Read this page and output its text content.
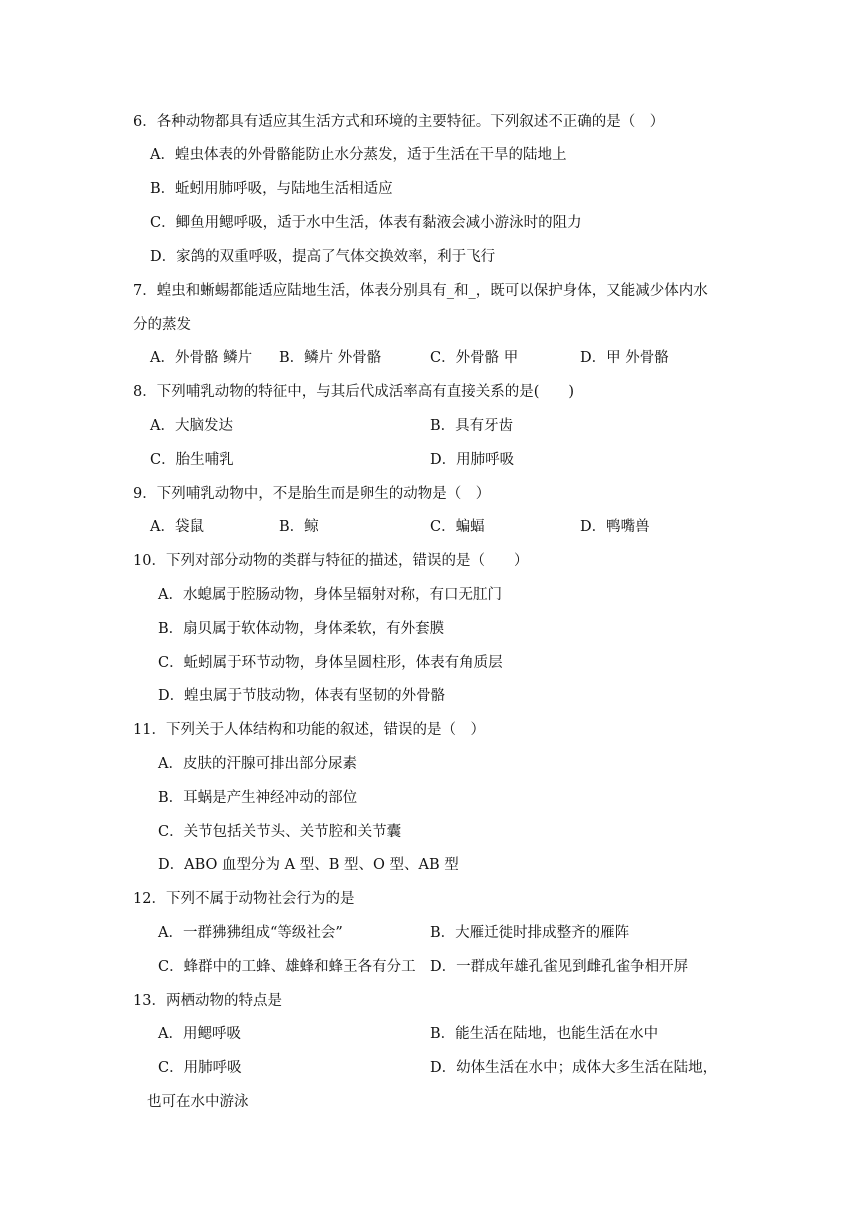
6．各种动物都具有适应其生活方式和环境的主要特征。下列叙述不正确的是（　）
A．蝗虫体表的外骨骼能防止水分蒸发，适于生活在干旱的陆地上
B．蚯蚓用肺呼吸，与陆地生活相适应
C．鲫鱼用鳃呼吸，适于水中生活，体表有黏液会减小游泳时的阻力
D．家鸽的双重呼吸，提高了气体交换效率，利于飞行
7．蝗虫和蜥蜴都能适应陆地生活，体表分别具有_和_，既可以保护身体，又能减少体内水
分的蒸发
A．外骨骼 鳞片 B．鳞片 外骨骼	C．外骨骼 甲	D．甲 外骨骼
8．下列哺乳动物的特征中，与其后代成活率高有直接关系的是(　　)
A．大脑发达	B．具有牙齿
C．胎生哺乳	D．用肺呼吸
9．下列哺乳动物中，不是胎生而是卵生的动物是（　）
A．袋鼠	B．鲸	C．蝙蝠	D．鸭嘴兽
10．下列对部分动物的类群与特征的描述，错误的是（　　）
A．水螅属于腔肠动物，身体呈辐射对称，有口无肛门
B．扇贝属于软体动物，身体柔软，有外套膜
C．蚯蚓属于环节动物，身体呈圆柱形，体表有角质层
D．蝗虫属于节肢动物，体表有坚韧的外骨骼
11．下列关于人体结构和功能的叙述，错误的是（　）
A．皮肤的汗腺可排出部分尿素
B．耳蜗是产生神经冲动的部位
C．关节包括关节头、关节腔和关节囊
D．ABO 血型分为 A 型、B 型、O 型、AB 型
12．下列不属于动物社会行为的是
A．一群狒狒组成“等级社会”	B．大雁迁徙时排成整齐的雁阵
C．蜂群中的工蜂、雄蜂和蜂王各有分工 D．一群成年雄孔雀见到雌孔雀争相开屏
13．两栖动物的特点是
A．用鳃呼吸	B．能生活在陆地，也能生活在水中
C．用肺呼吸	D．幼体生活在水中；成体大多生活在陆地，
也可在水中游泳
